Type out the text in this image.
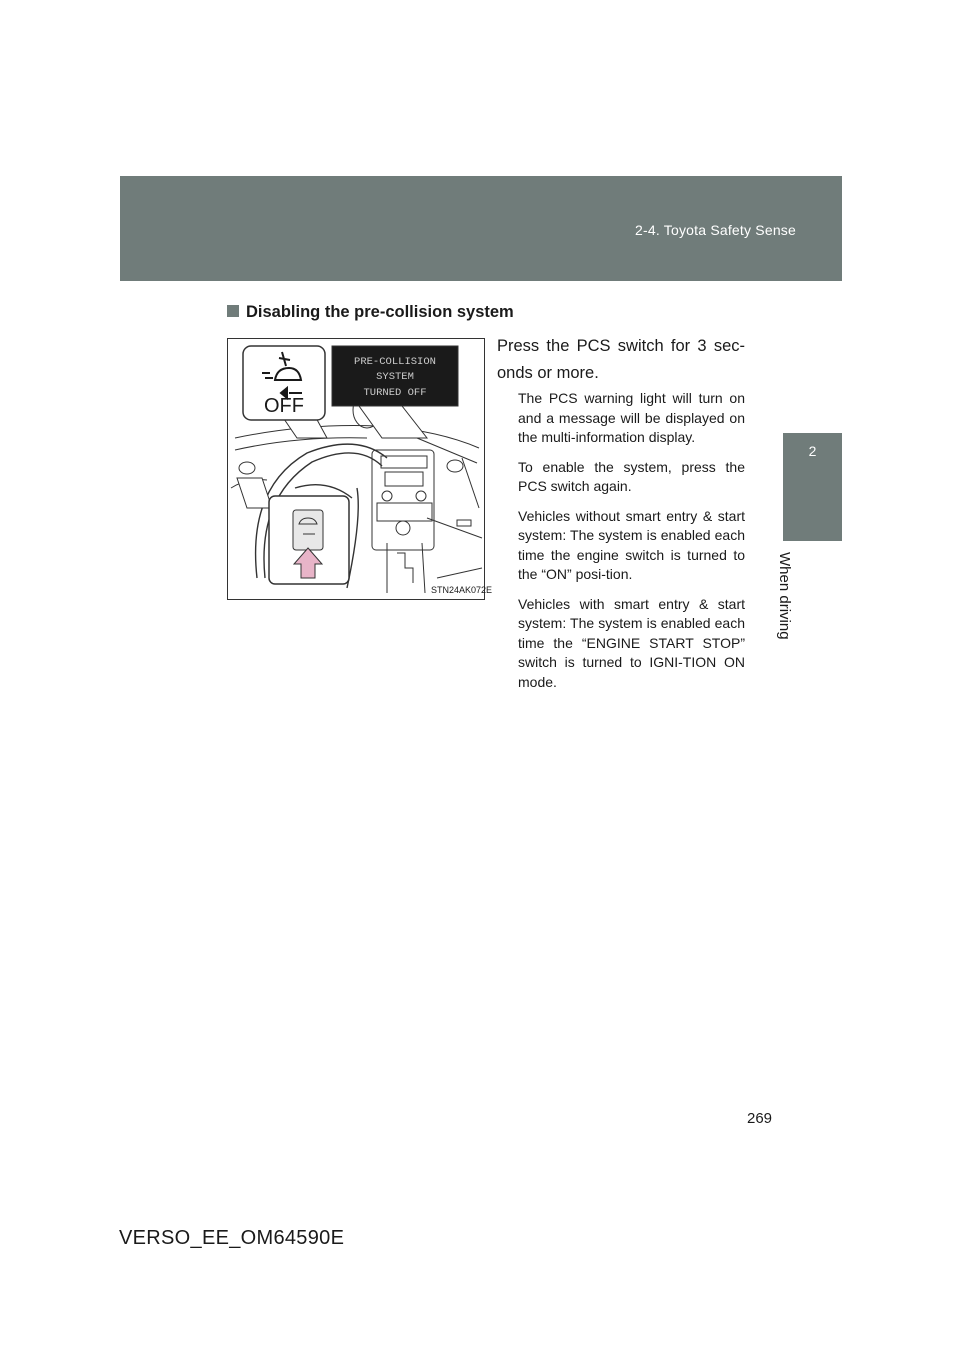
2-4. Toyota Safety Sense
2
When driving
Disabling the pre-collision system
PRE-COLLISION
SYSTEM
TURNED OFF
OFF
STN24AK072E
Press the PCS switch for 3 sec-onds or more.

The PCS warning light will turn on and a message will be displayed on the multi-information display.

To enable the system, press the PCS switch again.

Vehicles without smart entry & start system: The system is enabled each time the engine switch is turned to the “ON” posi-tion.

Vehicles with smart entry & start system: The system is enabled each time the “ENGINE START STOP” switch is turned to IGNI-TION ON mode.

269
VERSO_EE_OM64590E
